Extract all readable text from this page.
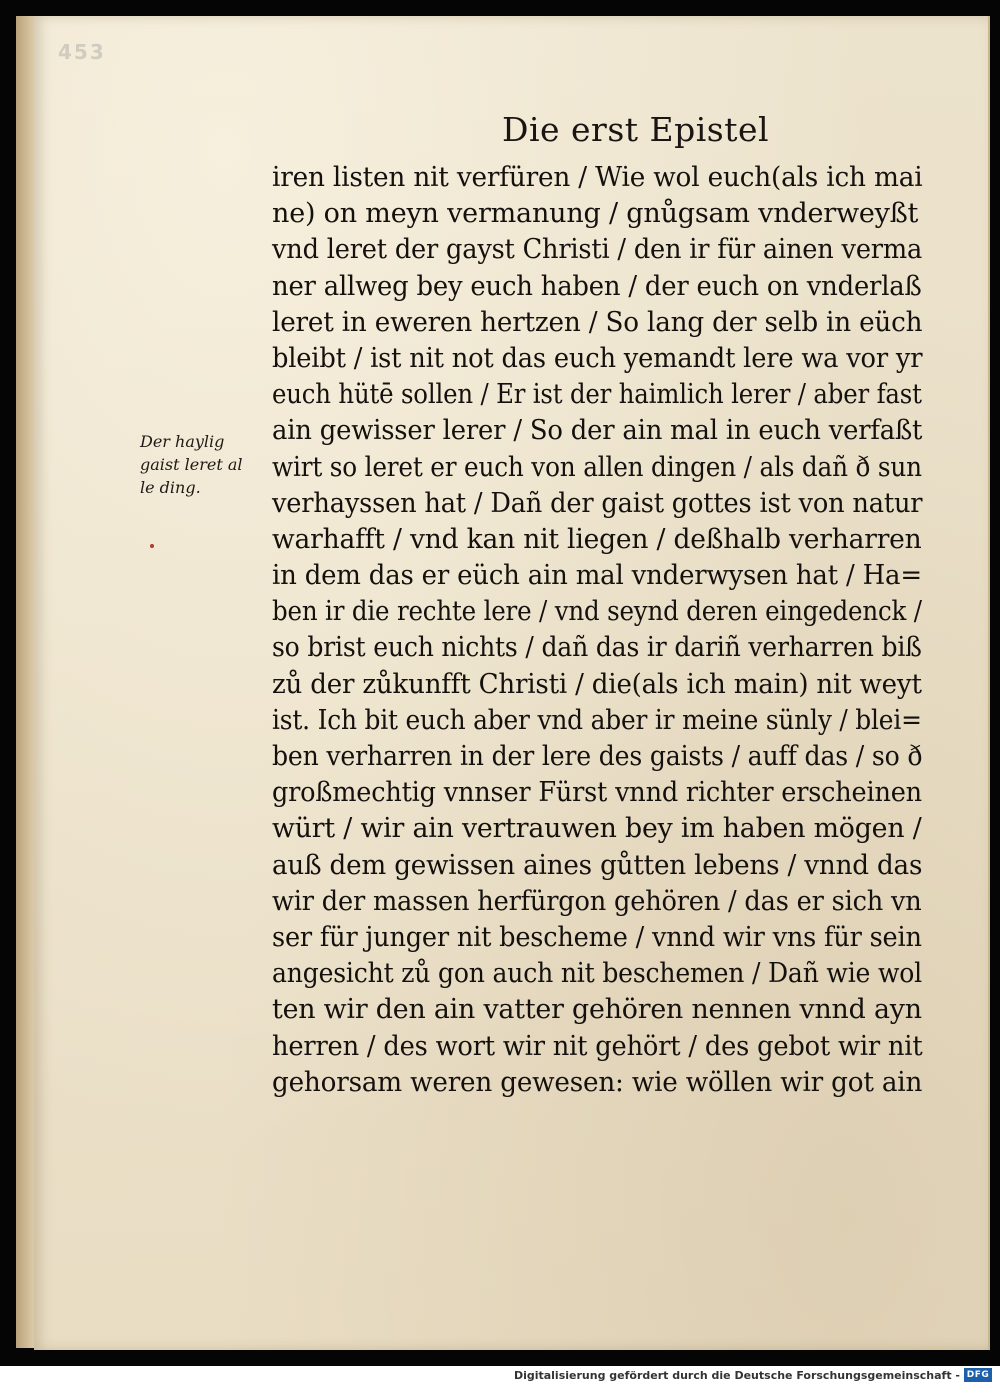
453
Die erst Epistel
Der haylig
gaist leret al
le ding.
iren listen nit verfüren / Wie wol euch(als ich mai
ne) on meyn vermanung / gnůgsam vnderweyßt
vnd leret der gayst Christi / den ir für ainen verma
ner allweg bey euch haben / der euch on vnderlaß
leret in eweren hertzen / So lang der selb in eüch
bleibt / ist nit not das euch yemandt lere wa vor yr
euch hütē sollen / Er ist der haimlich lerer / aber fast
ain gewisser lerer / So der ain mal in euch verfaßt
wirt so leret er euch von allen dingen / als dañ ð sun
verhayssen hat / Dañ der gaist gottes ist von natur
warhafft / vnd kan nit liegen / deßhalb verharren
in dem das er eüch ain mal vnderwysen hat / Ha=
ben ir die rechte lere / vnd seynd deren eingedenck /
so brist euch nichts / dañ das ir dariñ verharren biß
zů der zůkunfft Christi / die(als ich main) nit weyt
ist. Ich bit euch aber vnd aber ir meine sünly / blei=
ben verharren in der lere des gaists / auff das / so ð
großmechtig vnnser Fürst vnnd richter erscheinen
würt / wir ain vertrauwen bey im haben mögen /
auß dem gewissen aines gůtten lebens / vnnd das
wir der massen herfürgon gehören / das er sich vn
ser für junger nit bescheme / vnnd wir vns für sein
angesicht zů gon auch nit beschemen / Dañ wie wol
ten wir den ain vatter gehören nennen vnnd ayn
herren / des wort wir nit gehört / des gebot wir nit
gehorsam weren gewesen: wie wöllen wir got ain
Digitalisierung gefördert durch die Deutsche Forschungsgemeinschaft - DFG
